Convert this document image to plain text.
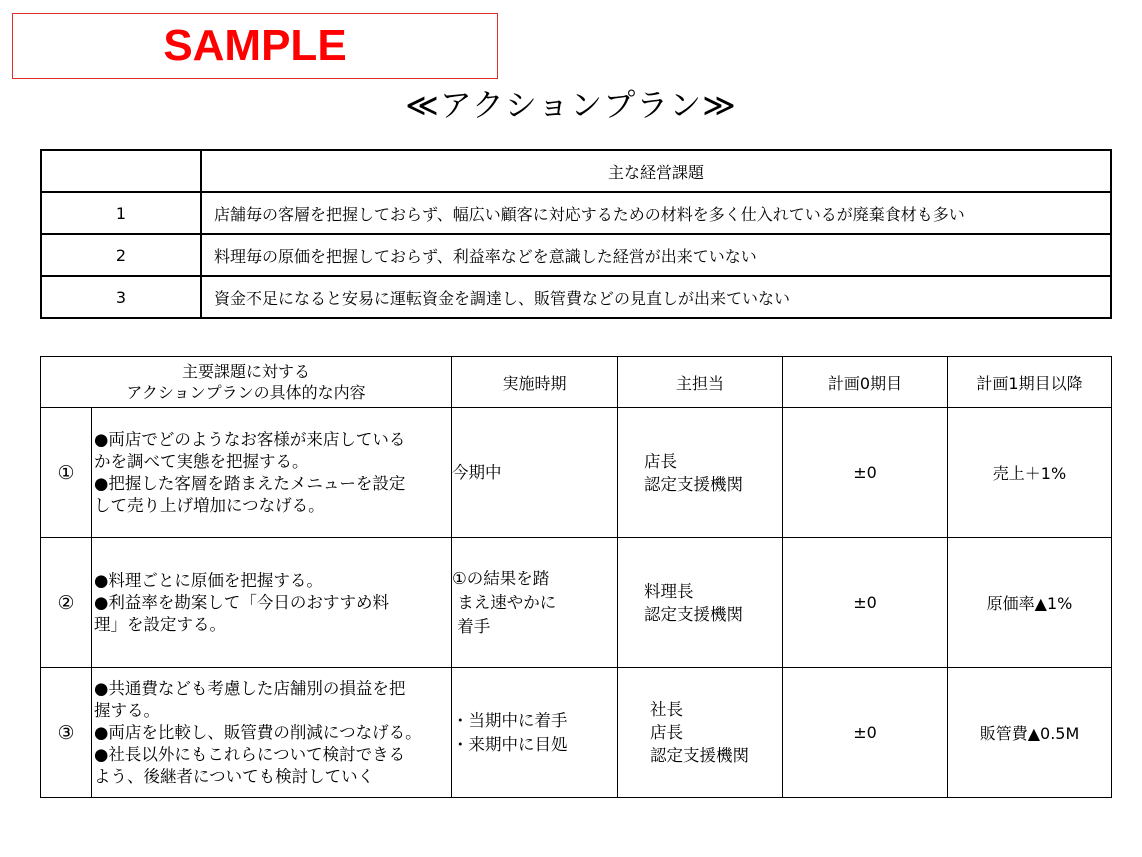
SAMPLE
≪アクションプラン≫
	主な経営課題
1	店舗毎の客層を把握しておらず、幅広い顧客に対応するための材料を多く仕入れているが廃棄食材も多い
2	料理毎の原価を把握しておらず、利益率などを意識した経営が出来ていない
3	資金不足になると安易に運転資金を調達し、販管費などの見直しが出来ていない
主要課題に対する
アクションプランの具体的な内容		実施時期	主担当	計画0期目	計画1期目以降
①	●両店でどのようなお客様が来店している
かを調べて実態を把握する。
●把握した客層を踏まえたメニューを設定
して売り上げ増加につなげる。	今期中	店長
認定支援機関	±0	売上＋1%
②	●料理ごとに原価を把握する。
●利益率を勘案して「今日のおすすめ料
理」を設定する。	①の結果を踏
まえ速やかに
着手	料理長
認定支援機関	±0	原価率▲1%
③	●共通費なども考慮した店舗別の損益を把
握する。
●両店を比較し、販管費の削減につなげる。
●社長以外にもこれらについて検討できる
よう、後継者についても検討していく	・当期中に着手
・来期中に目処	社長
店長
認定支援機関	±0	販管費▲0.5M
